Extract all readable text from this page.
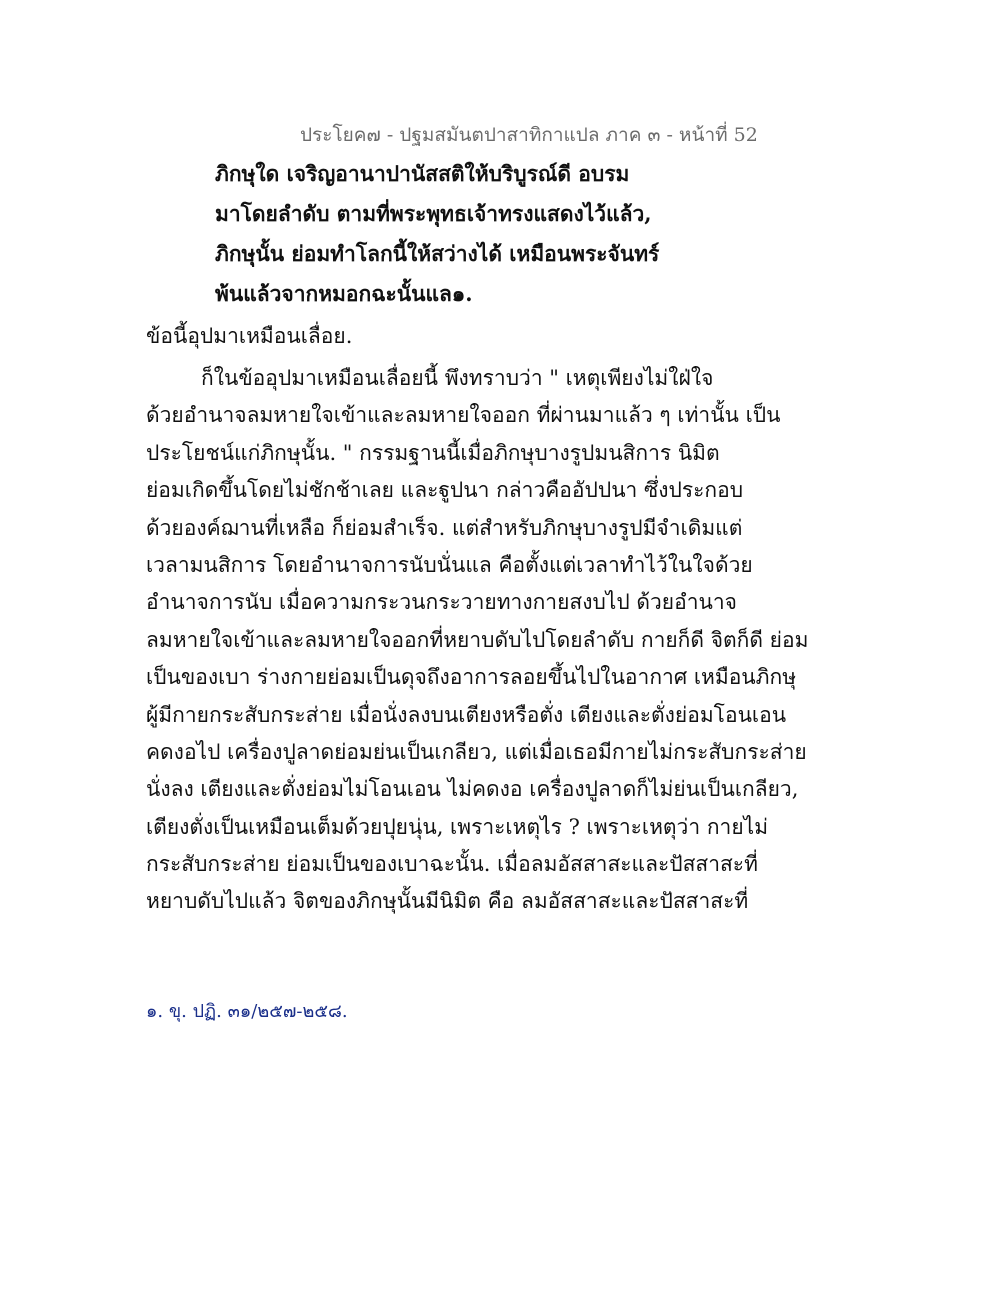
ประโยค๗ - ปฐมสมันตปาสาทิกาแปล ภาค ๓ - หน้าที่ 52
ภิกษุใด เจริญอานาปานัสสติให้บริบูรณ์ดี อบรม
มาโดยลำดับ ตามที่พระพุทธเจ้าทรงแสดงไว้แล้ว,
ภิกษุนั้น ย่อมทำโลกนี้ให้สว่างได้ เหมือนพระจันทร์
พ้นแล้วจากหมอกฉะนั้นแล๑.
ข้อนี้อุปมาเหมือนเลื่อย.
ก็ในข้ออุปมาเหมือนเลื่อยนี้ พึงทราบว่า " เหตุเพียงไม่ใฝ่ใจ
ด้วยอำนาจลมหายใจเข้าและลมหายใจออก ที่ผ่านมาแล้ว ๆ เท่านั้น เป็น
ประโยชน์แก่ภิกษุนั้น. " กรรมฐานนี้เมื่อภิกษุบางรูปมนสิการ นิมิต
ย่อมเกิดขึ้นโดยไม่ชักช้าเลย และฐูปนา กล่าวคืออัปปนา ซึ่งประกอบ
ด้วยองค์ฌานที่เหลือ ก็ย่อมสำเร็จ. แต่สำหรับภิกษุบางรูปมีจำเดิมแต่
เวลามนสิการ โดยอำนาจการนับนั่นแล คือตั้งแต่เวลาทำไว้ในใจด้วย
อำนาจการนับ เมื่อความกระวนกระวายทางกายสงบไป ด้วยอำนาจ
ลมหายใจเข้าและลมหายใจออกที่หยาบดับไปโดยลำดับ กายก็ดี จิตก็ดี ย่อม
เป็นของเบา ร่างกายย่อมเป็นดุจถึงอาการลอยขึ้นไปในอากาศ เหมือนภิกษุ
ผู้มีกายกระสับกระส่าย เมื่อนั่งลงบนเตียงหรือตั่ง เตียงและตั่งย่อมโอนเอน
คดงอไป เครื่องปูลาดย่อมย่นเป็นเกลียว, แต่เมื่อเธอมีกายไม่กระสับกระส่าย
นั่งลง เตียงและตั่งย่อมไม่โอนเอน ไม่คดงอ เครื่องปูลาดก็ไม่ย่นเป็นเกลียว,
เตียงตั่งเป็นเหมือนเต็มด้วยปุยนุ่น, เพราะเหตุไร ? เพราะเหตุว่า กายไม่
กระสับกระส่าย ย่อมเป็นของเบาฉะนั้น. เมื่อลมอัสสาสะและปัสสาสะที่
หยาบดับไปแล้ว จิตของภิกษุนั้นมีนิมิต คือ ลมอัสสาสะและปัสสาสะที่
๑. ขุ. ปฏิ. ๓๑/๒๕๗-๒๕๘.
